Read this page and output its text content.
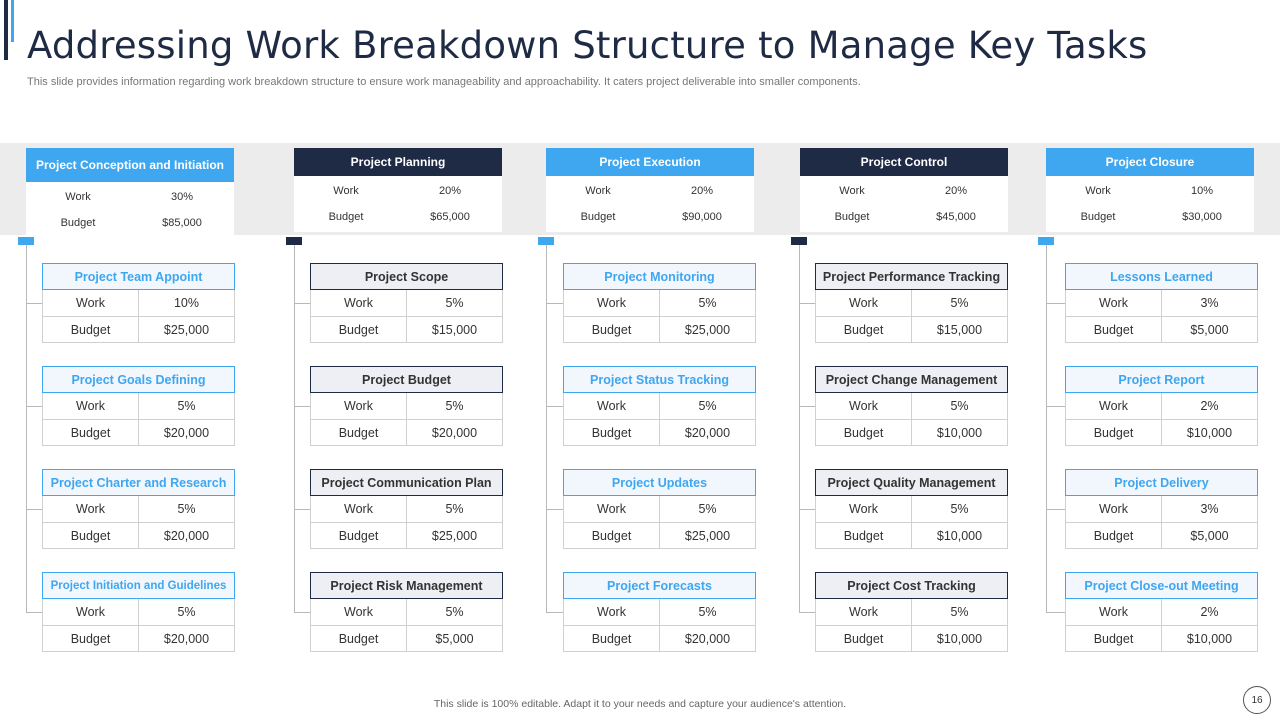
Addressing Work Breakdown Structure to Manage Key Tasks

This slide provides information regarding work breakdown structure to ensure work manageability and approachability. It caters project deliverable into smaller components.

Project Conception and Initiation
Work	30%
Budget	$85,000
Project Team Appoint
Work	10%
Budget	$25,000
Project Goals Defining
Work	5%
Budget	$20,000
Project Charter and Research
Work	5%
Budget	$20,000
Project Initiation and Guidelines
Work	5%
Budget	$20,000
Project Planning
Work	20%
Budget	$65,000
Project Scope
Work	5%
Budget	$15,000
Project Budget
Work	5%
Budget	$20,000
Project Communication Plan
Work	5%
Budget	$25,000
Project Risk Management
Work	5%
Budget	$5,000
Project Execution
Work	20%
Budget	$90,000
Project Monitoring
Work	5%
Budget	$25,000
Project Status Tracking
Work	5%
Budget	$20,000
Project Updates
Work	5%
Budget	$25,000
Project Forecasts
Work	5%
Budget	$20,000
Project Control
Work	20%
Budget	$45,000
Project Performance Tracking
Work	5%
Budget	$15,000
Project Change Management
Work	5%
Budget	$10,000
Project Quality Management
Work	5%
Budget	$10,000
Project Cost Tracking
Work	5%
Budget	$10,000
Project Closure
Work	10%
Budget	$30,000
Lessons Learned
Work	3%
Budget	$5,000
Project Report
Work	2%
Budget	$10,000
Project Delivery
Work	3%
Budget	$5,000
Project Close-out Meeting
Work	2%
Budget	$10,000
This slide is 100% editable. Adapt it to your needs and capture your audience's attention.	16
